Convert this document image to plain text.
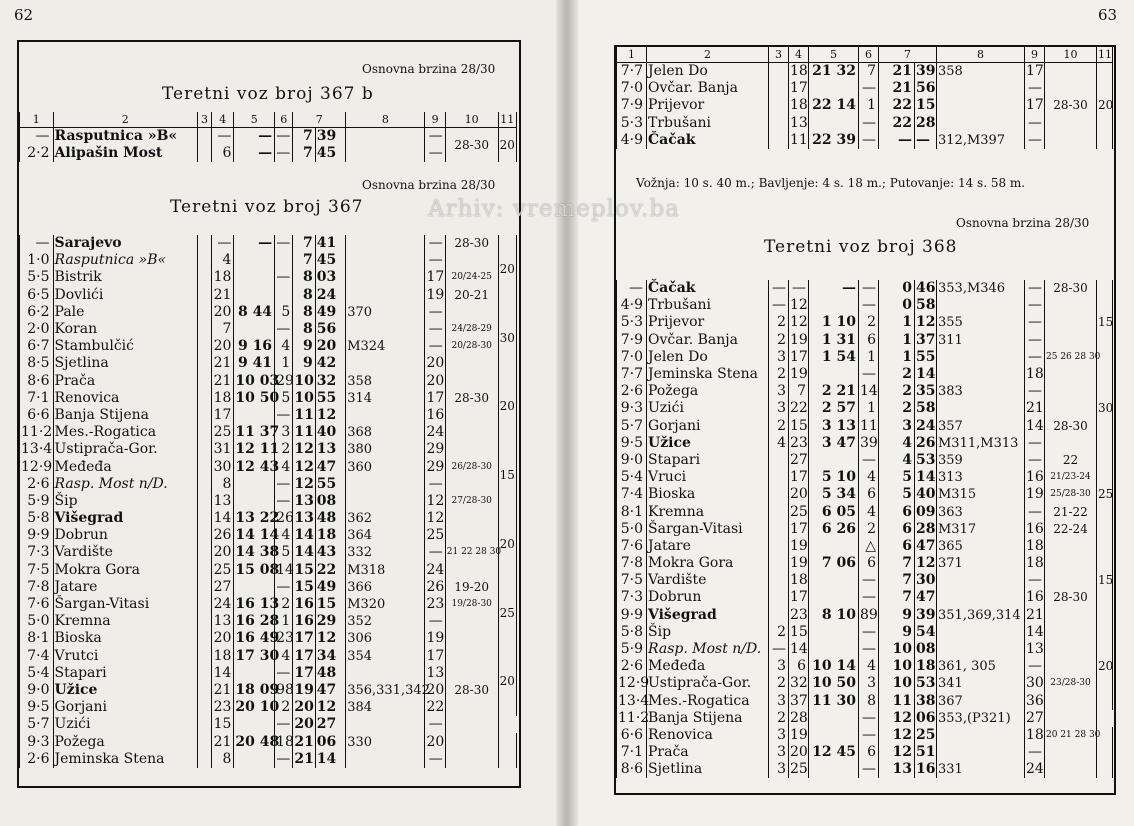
62	63
Osnovna brzina 28/30
Teretni voz broj 367 b
1	2	3	4	5	6	7		8	9	10	11
—	Rasputnica »B«		—	—	—	7	39		—	28-30	20
2·2	Alipašin Most		6	—	—	7	45		—		
Osnovna brzina 28/30
Teretni voz broj 367
—	Sarajevo		—	—	—	7	41		—	28-30	20
1·0	Rasputnica »B«		4			7	45		—		
5·5	Bistrik		18		—	8	03		17	20/24-25	
6·5	Dovlići		21			8	24		19	20-21	
6·2	Pale		20	8 44	5	8	49	370	—		30
2·0	Koran		7		—	8	56		—	24/28-29	
6·7	Stambulčić		20	9 16	4	9	20	M324	—	20/28-30	
8·5	Sjetlina		21	9 41	1	9	42		20		
8·6	Prača		21	10 03	29	10	32	358	20		20
7·1	Renovica		18	10 50	5	10	55	314	17	28-30	
6·6	Banja Stijena		17		—	11	12		16		
11·2	Mes.-Rogatica		25	11 37	3	11	40	368	24		
13·4	Ustiprača-Gor.		31	12 11	2	12	13	380	29		15
12·9	Međeđa		30	12 43	4	12	47	360	29	26/28-30	
2·6	Rasp. Most n/D.		8		—	12	55		—		
5·9	Šip		13		—	13	08		12	27/28-30	
5·8	Višegrad		14	13 22	26	13	48	362	12		20
9·9	Dobrun		26	14 14	4	14	18	364	25		
7·3	Vardište		20	14 38	5	14	43	332	—	21 22 28 30	
7·5	Mokra Gora		25	15 08	14	15	22	M318	24		
7·8	Jatare		27		—	15	49	366	26	19-20	25
7·6	Šargan-Vitasi		24	16 13	2	16	15	M320	23	19/28-30	
5·0	Kremna		13	16 28	1	16	29	352	—		
8·1	Bioska		20	16 49	23	17	12	306	19		
7·4	Vrutci		18	17 30	4	17	34	354	17		20
5·4	Stapari		14		—	17	48		13		
9·0	Užice		21	18 09	98	19	47	356,331,342	20	28-30	
9·5	Gorjani		23	20 10	2	20	12	384	22		
5·7	Uzići		15		—	20	27		—		
9·3	Požega		21	20 48	18	21	06	330	20		
2·6	Jeminska Stena		8		—	21	14		—		
1	2	3	4	5	6	7		8	9	10	11
7·7	Jelen Do		18	21 32	7	21	39	358	17	28-30	20
7·0	Ovčar. Banja		17		—	21	56		—		
7·9	Prijevor		18	22 14	1	22	15		17		
5·3	Trbušani		13		—	22	28		—		
4·9	Čačak		11	22 39	—	—	—	312,M397	—		
Vožnja: 10 s. 40 m.; Bavljenje: 4 s. 18 m.; Putovanje: 14 s. 58 m.
Osnovna brzina 28/30
Teretni voz broj 368
—	Čačak	—	—	—	—	0	46	353,M346	—	28-30	15
4·9	Trbušani	—	12		—	0	58		—		
5·3	Prijevor	2	12	1 10	2	1	12	355	—		
7·9	Ovčar. Banja	2	19	1 31	6	1	37	311	—		
7·0	Jelen Do	3	17	1 54	1	1	55		—	25 26 28 30	
7·7	Jeminska Stena	2	19		—	2	14		18		30
2·6	Požega	3	7	2 21	14	2	35	383	—		
9·3	Uzići	3	22	2 57	1	2	58		21		
5·7	Gorjani	2	15	3 13	11	3	24	357	14	28-30	
9·5	Užice	4	23	3 47	39	4	26	M311,M313	—		
9·0	Stapari		27		—	4	53	359	—	22	25
5·4	Vruci		17	5 10	4	5	14	313	16	21/23-24	
7·4	Bioska		20	5 34	6	5	40	M315	19	25/28-30	
8·1	Kremna		25	6 05	4	6	09	363	—	21-22	
5·0	Šargan-Vitasi		17	6 26	2	6	28	M317	16	22-24	
7·6	Jatare		19		△	6	47	365	18		15
7·8	Mokra Gora		19	7 06	6	7	12	371	18		
7·5	Vardište		18		—	7	30		—		
7·3	Dobrun		17		—	7	47		16	28-30	
9·9	Višegrad		23	8 10	89	9	39	351,369,314	21		
5·8	Šip	2	15		—	9	54		14		20
5·9	Rasp. Most n/D.	—	14		—	10	08		13		
2·6	Međeđa	3	6	10 14	4	10	18	361, 305	—		
12·9	Ustiprača-Gor.	2	32	10 50	3	10	53	341	30	23/28-30	
13·4	Mes.-Rogatica	3	37	11 30	8	11	38	367	36		
11·2	Banja Stijena	2	28		—	12	06	353,(P321)	27		
6·6	Renovica	3	19		—	12	25		18	20 21 28 30	
7·1	Prača	3	20	12 45	6	12	51		—		
8·6	Sjetlina	3	25		—	13	16	331	24		
Arhiv: vremeplov.ba
